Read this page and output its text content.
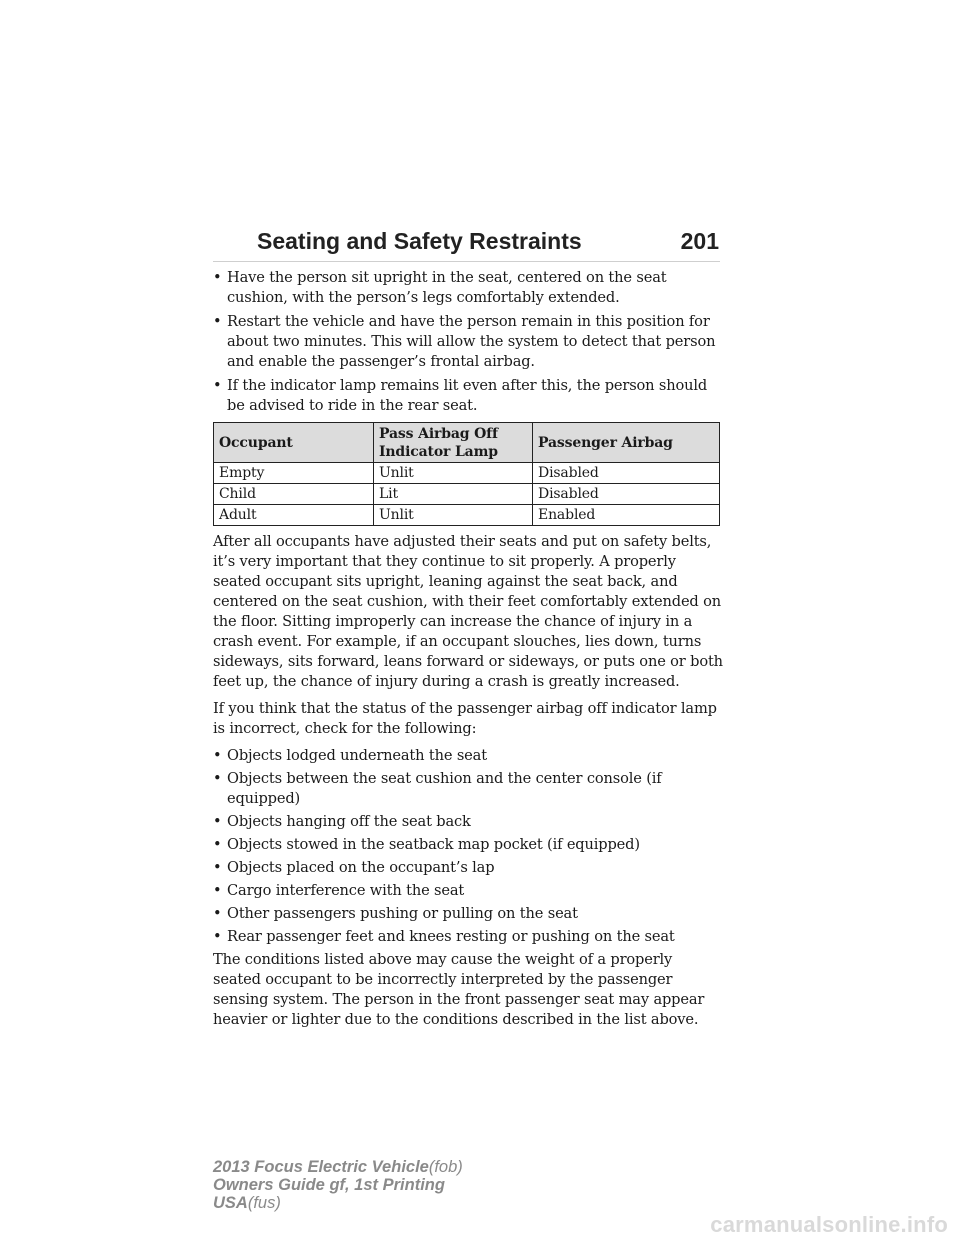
Seating and Safety Restraints	201
• Have the person sit upright in the seat, centered on the seat cushion, with the person’s legs comfortably extended.
• Restart the vehicle and have the person remain in this position for about two minutes. This will allow the system to detect that person and enable the passenger’s frontal airbag.
• If the indicator lamp remains lit even after this, the person should be advised to ride in the rear seat.
Occupant	Pass Airbag Off Indicator Lamp	Passenger Airbag
Empty	Unlit	Disabled
Child	Lit	Disabled
Adult	Unlit	Enabled

After all occupants have adjusted their seats and put on safety belts, it’s very important that they continue to sit properly. A properly seated occupant sits upright, leaning against the seat back, and centered on the seat cushion, with their feet comfortably extended on the floor. Sitting improperly can increase the chance of injury in a crash event. For example, if an occupant slouches, lies down, turns sideways, sits forward, leans forward or sideways, or puts one or both feet up, the chance of injury during a crash is greatly increased.

If you think that the status of the passenger airbag off indicator lamp is incorrect, check for the following:

• Objects lodged underneath the seat
• Objects between the seat cushion and the center console (if equipped)
• Objects hanging off the seat back
• Objects stowed in the seatback map pocket (if equipped)
• Objects placed on the occupant’s lap
• Cargo interference with the seat
• Other passengers pushing or pulling on the seat
• Rear passenger feet and knees resting or pushing on the seat

The conditions listed above may cause the weight of a properly seated occupant to be incorrectly interpreted by the passenger sensing system. The person in the front passenger seat may appear heavier or lighter due to the conditions described in the list above.

2013 Focus Electric Vehicle(fob)
Owners Guide gf, 1st Printing
USA(fus)
carmanualsonline.info
